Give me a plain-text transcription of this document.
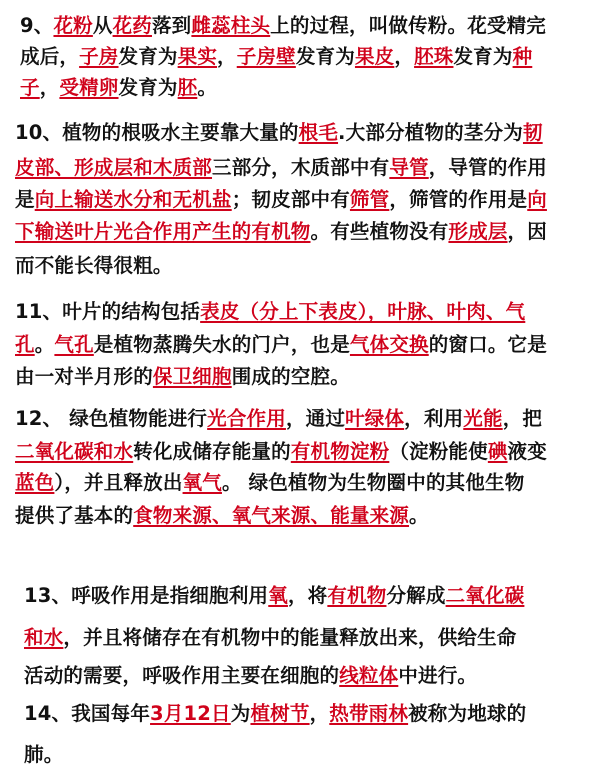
9、花粉从花药落到雌蕊柱头上的过程，叫做传粉。花受精完
成后，子房发育为果实，子房壁发育为果皮，胚珠发育为种
子，受精卵发育为胚。
10、植物的根吸水主要靠大量的根毛.大部分植物的茎分为韧
皮部、形成层和木质部三部分，木质部中有导管，导管的作用
是向上输送水分和无机盐；韧皮部中有筛管，筛管的作用是向
下输送叶片光合作用产生的有机物。有些植物没有形成层，因
而不能长得很粗。
11、叶片的结构包括表皮（分上下表皮），叶脉、叶肉、气
孔。气孔是植物蒸腾失水的门户，也是气体交换的窗口。它是
由一对半月形的保卫细胞围成的空腔。
12、 绿色植物能进行光合作用，通过叶绿体，利用光能，把
二氧化碳和水转化成储存能量的有机物淀粉（淀粉能使碘液变
蓝色），并且释放出氧气。 绿色植物为生物圈中的其他生物
提供了基本的食物来源、氧气来源、能量来源。
13、呼吸作用是指细胞利用氧，将有机物分解成二氧化碳
和水，并且将储存在有机物中的能量释放出来，供给生命
活动的需要，呼吸作用主要在细胞的线粒体中进行。
14、我国每年3月12日为植树节，热带雨林被称为地球的
肺。
